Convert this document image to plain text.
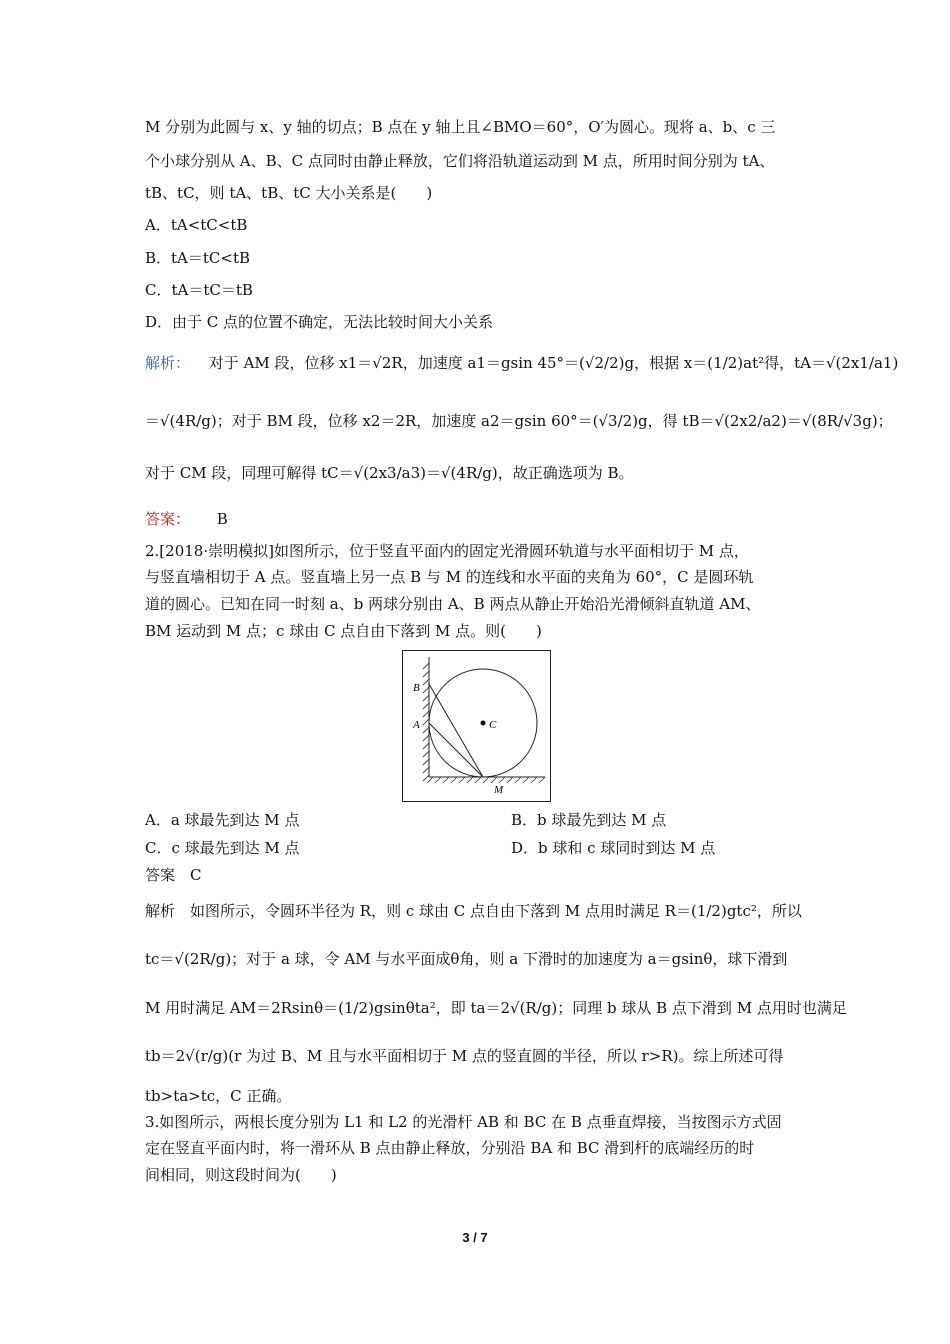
M 分别为此圆与 x、y 轴的切点；B 点在 y 轴上且∠BMO＝60°，O′为圆心。现将 a、b、c 三
个小球分别从 A、B、C 点同时由静止释放，它们将沿轨道运动到 M 点，所用时间分别为 tA、
tB、tC，则 tA、tB、tC 大小关系是(　　)
A．tA<tC<tB
B．tA＝tC<tB
C．tA＝tC＝tB
D．由于 C 点的位置不确定，无法比较时间大小关系
解析： 对于 AM 段，位移 x1＝√2R，加速度 a1＝gsin 45°＝(√2/2)g，根据 x＝(1/2)at²得，tA＝√(2x1/a1)
＝√(4R/g)；对于 BM 段，位移 x2＝2R，加速度 a2＝gsin 60°＝(√3/2)g，得 tB＝√(2x2/a2)＝√(8R/√3g)；
对于 CM 段，同理可解得 tC＝√(2x3/a3)＝√(4R/g)，故正确选项为 B。
答案： B
2.[2018·崇明模拟]如图所示，位于竖直平面内的固定光滑圆环轨道与水平面相切于 M 点，
与竖直墙相切于 A 点。竖直墙上另一点 B 与 M 的连线和水平面的夹角为 60°，C 是圆环轨
道的圆心。已知在同一时刻 a、b 两球分别由 A、B 两点从静止开始沿光滑倾斜直轨道 AM、
BM 运动到 M 点；c 球由 C 点自由下落到 M 点。则(　　)
B
A	C
M
A．a 球最先到达 M 点	B．b 球最先到达 M 点
C．c 球最先到达 M 点	D．b 球和 c 球同时到达 M 点
答案　C
解析　如图所示，令圆环半径为 R，则 c 球由 C 点自由下落到 M 点用时满足 R＝(1/2)gtc²，所以
tc＝√(2R/g)；对于 a 球，令 AM 与水平面成θ角，则 a 下滑时的加速度为 a＝gsinθ，球下滑到
M 用时满足 AM＝2Rsinθ＝(1/2)gsinθta²，即 ta＝2√(R/g)；同理 b 球从 B 点下滑到 M 点用时也满足
tb＝2√(r/g)(r 为过 B、M 且与水平面相切于 M 点的竖直圆的半径，所以 r>R)。综上所述可得
tb>ta>tc，C 正确。
3.如图所示，两根长度分别为 L1 和 L2 的光滑杆 AB 和 BC 在 B 点垂直焊接，当按图示方式固
定在竖直平面内时，将一滑环从 B 点由静止释放，分别沿 BA 和 BC 滑到杆的底端经历的时
间相同，则这段时间为(　　)
3 / 7
